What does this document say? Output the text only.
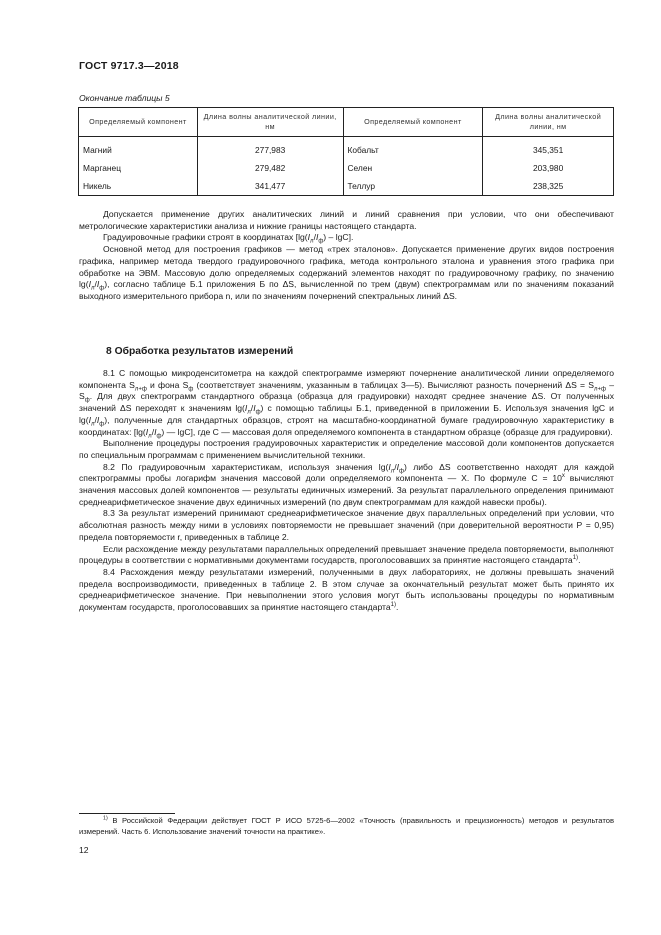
ГОСТ 9717.3—2018
Окончание таблицы 5
Определяемый компонент	Длина волны аналитической линии, нм	Определяемый компонент	Длина волны аналитической линии, нм
Магний	277,983	Кобальт	345,351
Марганец	279,482	Селен	203,980
Никель	341,477	Теллур	238,325

Допускается применение других аналитических линий и линий сравнения при условии, что они обеспечивают метрологические характеристики анализа и нижние границы настоящего стандарта.

Градуировочные графики строят в координатах $[\lg(I_л/I_ф) - \lg C]$.

Основной метод для построения графиков — метод «трех эталонов». Допускается применение других видов построения графика, например метода твердого градуировочного графика, метода контрольного эталона и уравнения этого графика при обработке на ЭВМ. Массовую долю определяемых содержаний элементов находят по градуировочному графику, по значению $\lg(I_л/I_ф)$, согласно таблице Б.1 приложения Б по ΔS, вычисленной по трем (двум) спектрограммам или по значениям показаний выходного измерительного прибора n, или по значениям почернений спектральных линий ΔS.

8 Обработка результатов измерений

8.1 С помощью микроденситометра на каждой спектрограмме измеряют почернение аналитической линии определяемого компонента $S_{л+ф}$ и фона $S_ф$ (соответствует значениям, указанным в таблицах 3—5). Вычисляют разность почернений $\Delta S = S_{л+ф} - S_ф$. Для двух спектрограмм стандартного образца (образца для градуировки) находят среднее значение ΔS. От полученных значений ΔS переходят к значениям $\lg(I_л/I_ф)$ с помощью таблицы Б.1, приведенной в приложении Б. Используя значения lgC и $\lg(I_л/I_ф)$, полученные для стандартных образцов, строят на масштабно-координатной бумаге градуировочную характеристику в координатах: [$\lg(I_л/I_ф)$ — lgC], где C — массовая доля определяемого компонента в стандартном образце (образце для градуировки).

Выполнение процедуры построения градуировочных характеристик и определение массовой доли компонентов допускается по специальным программам с применением вычислительной техники.

8.2 По градуировочным характеристикам, используя значения $\lg(I_л/I_ф)$ либо ΔS соответственно находят для каждой спектрограммы пробы логарифм значения массовой доли определяемого компонента — X. По формуле $C = 10^x$ вычисляют значения массовых долей компонентов — результаты единичных измерений. За результат параллельного определения принимают среднеарифметическое значение двух единичных измерений (по двум спектрограммам для каждой навески пробы).

8.3 За результат измерений принимают среднеарифметическое значение двух параллельных определений при условии, что абсолютная разность между ними в условиях повторяемости не превышает значений (при доверительной вероятности P = 0,95) предела повторяемости r, приведенных в таблице 2.

Если расхождение между результатами параллельных определений превышает значение предела повторяемости, выполняют процедуры в соответствии с нормативными документами государств, проголосовавших за принятие настоящего стандарта$^{1)}$.

8.4 Расхождения между результатами измерений, полученными в двух лабораториях, не должны превышать значений предела воспроизводимости, приведенных в таблице 2. В этом случае за окончательный результат может быть принято их среднеарифметическое значение. При невыполнении этого условия могут быть использованы процедуры по нормативным документам государств, проголосовавших за принятие настоящего стандарта$^{1)}$.

$^{1)}$ В Российской Федерации действует ГОСТ Р ИСО 5725-6—2002 «Точность (правильность и прецизионность) методов и результатов измерений. Часть 6. Использование значений точности на практике».

12
